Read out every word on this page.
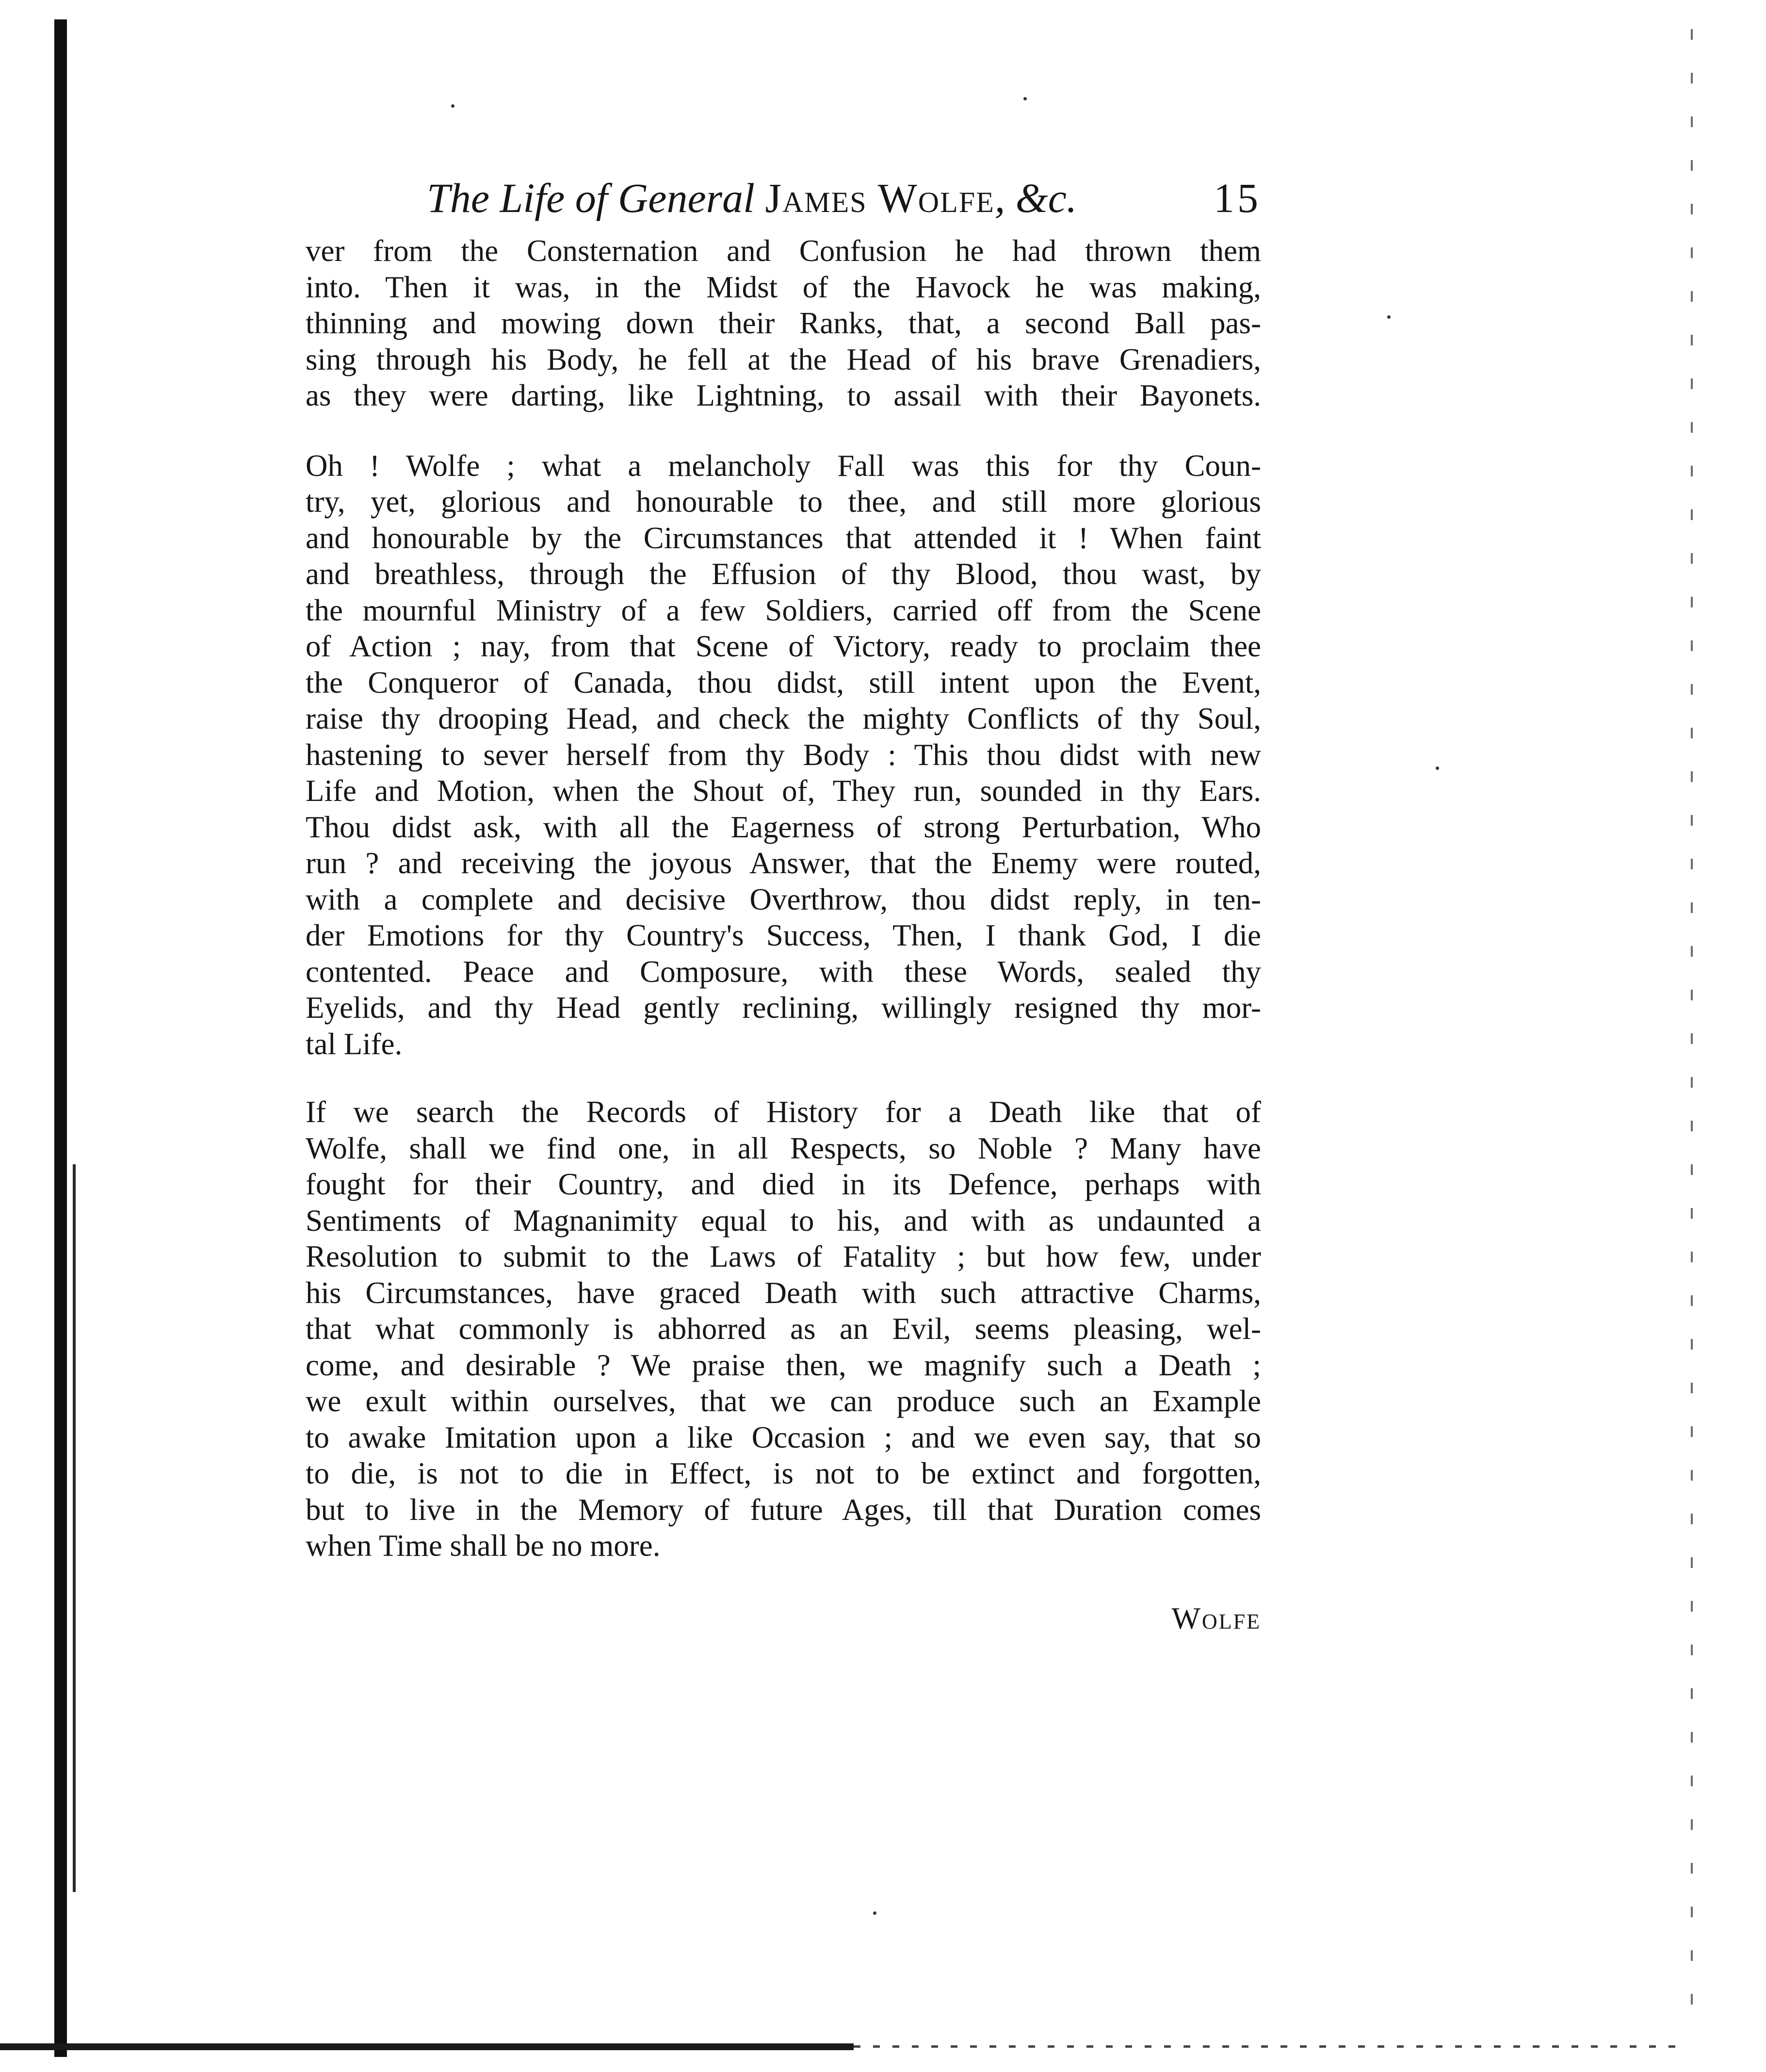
The Life of General James Wolfe, &c.	15

ver from the Consternation and Confusion he had thrown them
into. Then it was, in the Midst of the Havock he was making,
thinning and mowing down their Ranks, that, a second Ball pas-
sing through his Body, he fell at the Head of his brave Grenadiers,
as they were darting, like Lightning, to assail with their Bayonets.

Oh ! Wolfe ; what a melancholy Fall was this for thy Coun-
try, yet, glorious and honourable to thee, and still more glorious
and honourable by the Circumstances that attended it ! When faint
and breathless, through the Effusion of thy Blood, thou wast, by
the mournful Ministry of a few Soldiers, carried off from the Scene
of Action ; nay, from that Scene of Victory, ready to proclaim thee
the Conqueror of Canada, thou didst, still intent upon the Event,
raise thy drooping Head, and check the mighty Conflicts of thy Soul,
hastening to sever herself from thy Body : This thou didst with new
Life and Motion, when the Shout of, They run, sounded in thy Ears.
Thou didst ask, with all the Eagerness of strong Perturbation, Who
run ? and receiving the joyous Answer, that the Enemy were routed,
with a complete and decisive Overthrow, thou didst reply, in ten-
der Emotions for thy Country's Success, Then, I thank God, I die
contented. Peace and Composure, with these Words, sealed thy
Eyelids, and thy Head gently reclining, willingly resigned thy mor-
tal Life.

If we search the Records of History for a Death like that of
Wolfe, shall we find one, in all Respects, so Noble ? Many have
fought for their Country, and died in its Defence, perhaps with
Sentiments of Magnanimity equal to his, and with as undaunted a
Resolution to submit to the Laws of Fatality ; but how few, under
his Circumstances, have graced Death with such attractive Charms,
that what commonly is abhorred as an Evil, seems pleasing, wel-
come, and desirable ? We praise then, we magnify such a Death ;
we exult within ourselves, that we can produce such an Example
to awake Imitation upon a like Occasion ; and we even say, that so
to die, is not to die in Effect, is not to be extinct and forgotten,
but to live in the Memory of future Ages, till that Duration comes
when Time shall be no more.

Wolfe
